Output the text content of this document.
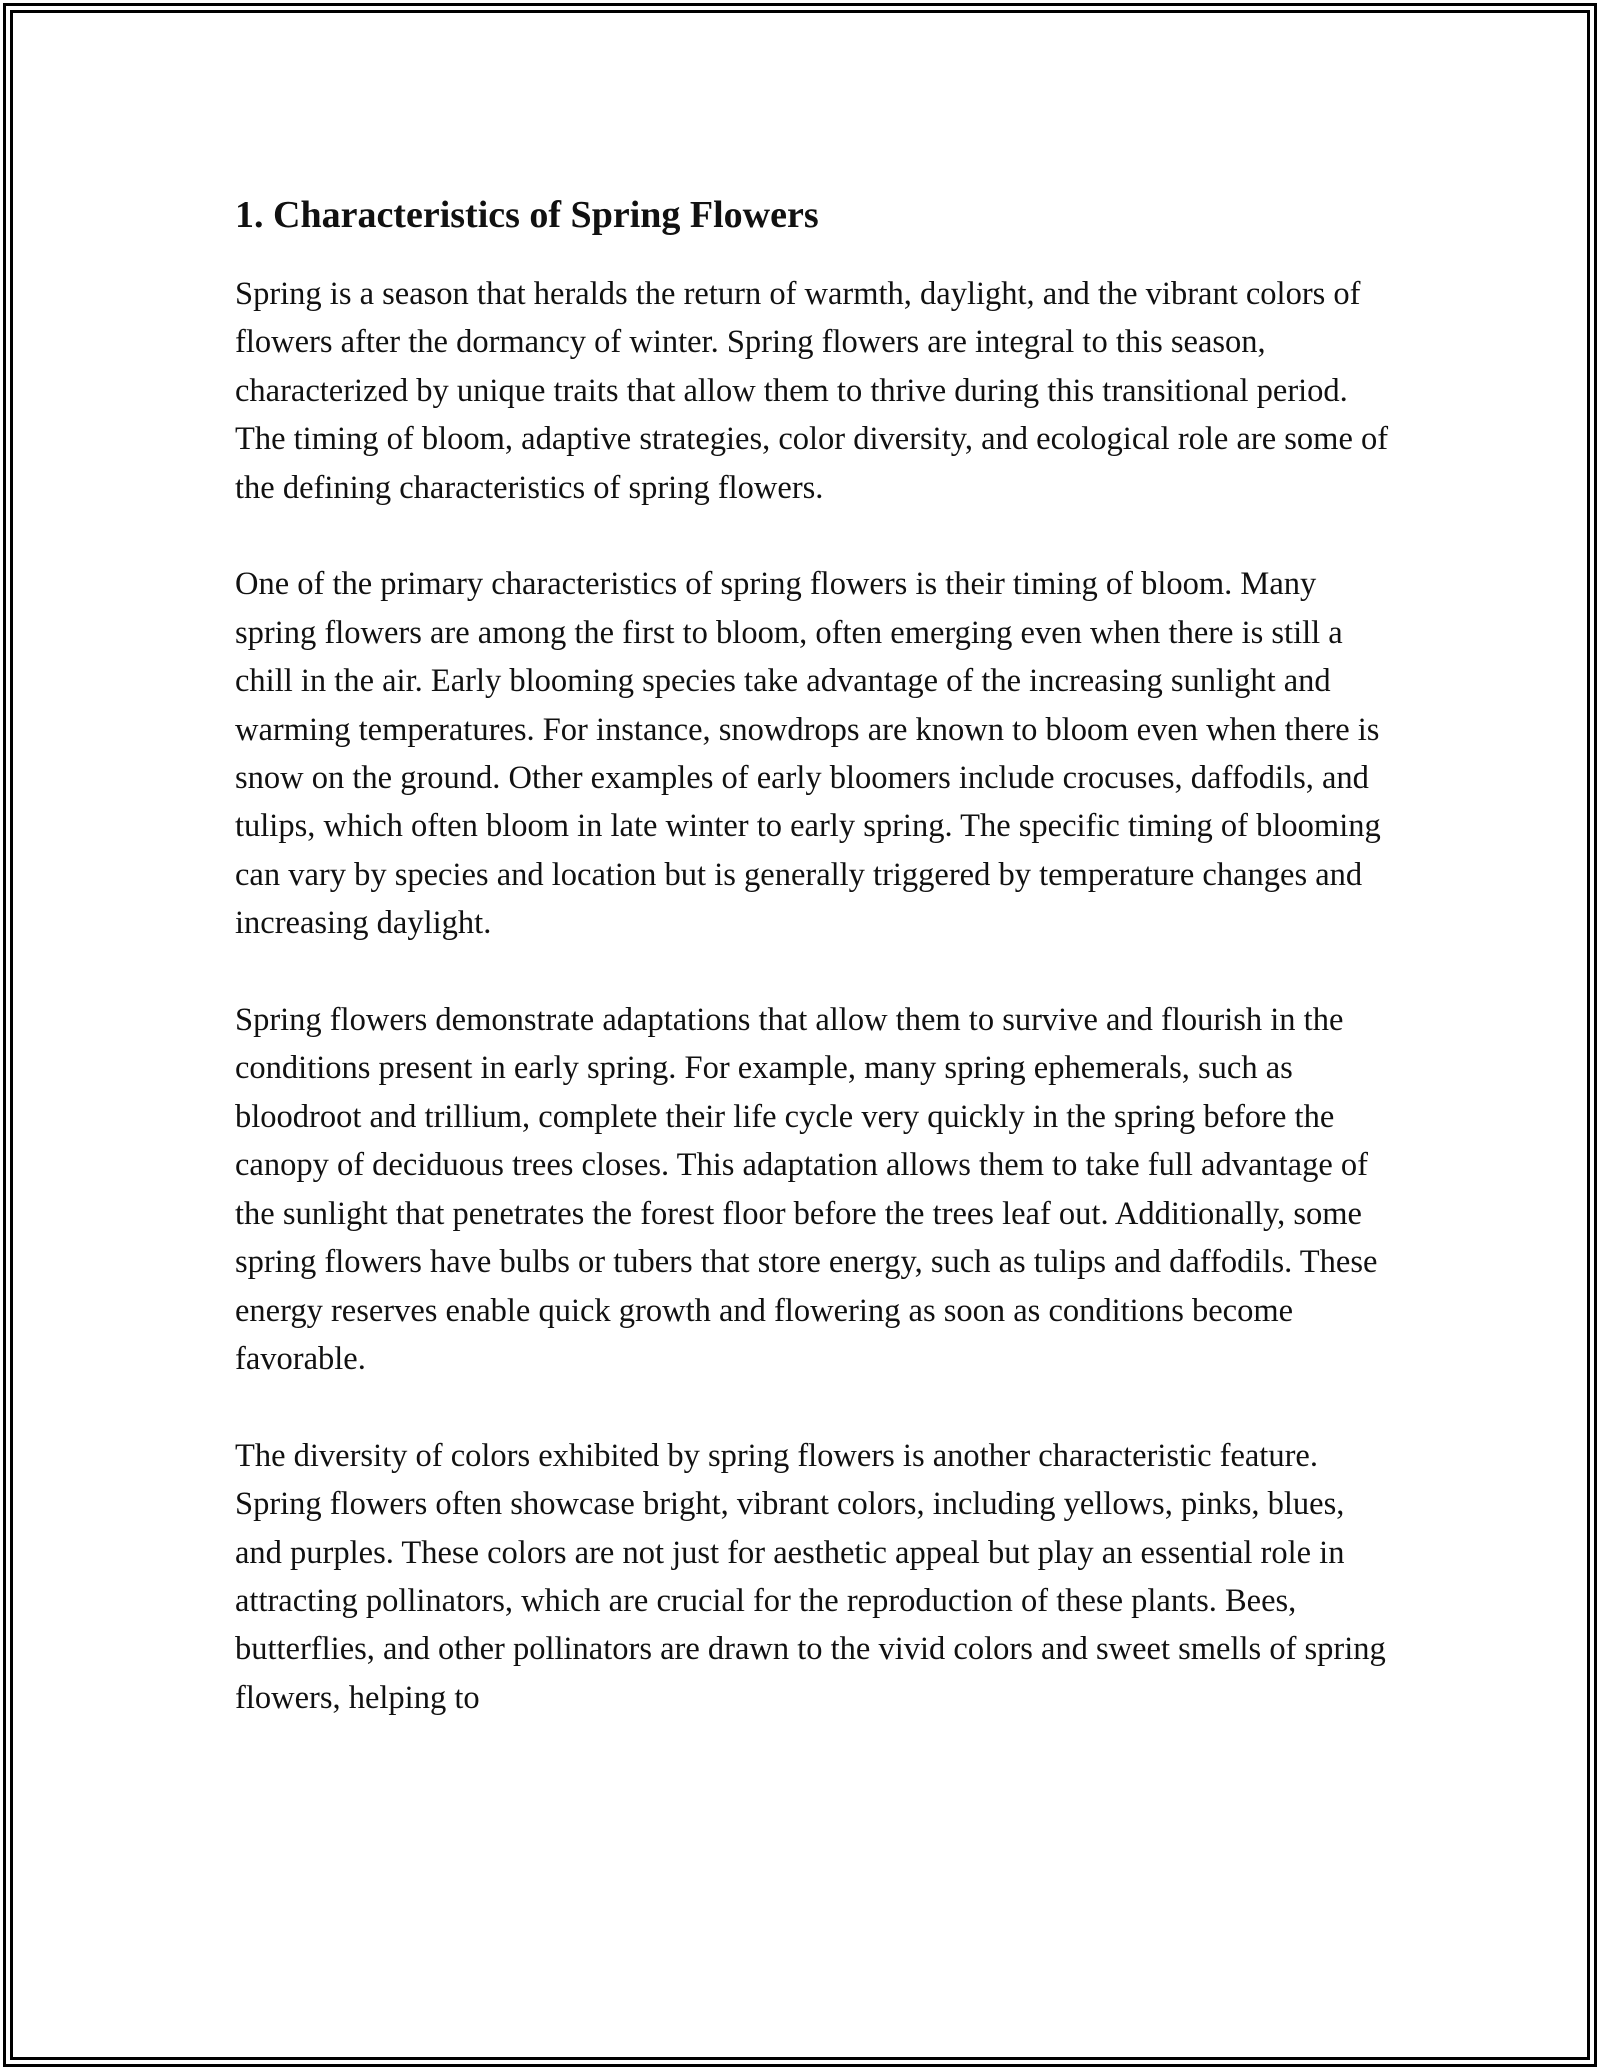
1. Characteristics of Spring Flowers

Spring is a season that heralds the return of warmth, daylight, and the vibrant colors of flowers after the dormancy of winter. Spring flowers are integral to this season, characterized by unique traits that allow them to thrive during this transitional period. The timing of bloom, adaptive strategies, color diversity, and ecological role are some of the defining characteristics of spring flowers.

One of the primary characteristics of spring flowers is their timing of bloom. Many spring flowers are among the first to bloom, often emerging even when there is still a chill in the air. Early blooming species take advantage of the increasing sunlight and warming temperatures. For instance, snowdrops are known to bloom even when there is snow on the ground. Other examples of early bloomers include crocuses, daffodils, and tulips, which often bloom in late winter to early spring. The specific timing of blooming can vary by species and location but is generally triggered by temperature changes and increasing daylight.

Spring flowers demonstrate adaptations that allow them to survive and flourish in the conditions present in early spring. For example, many spring ephemerals, such as bloodroot and trillium, complete their life cycle very quickly in the spring before the canopy of deciduous trees closes. This adaptation allows them to take full advantage of the sunlight that penetrates the forest floor before the trees leaf out. Additionally, some spring flowers have bulbs or tubers that store energy, such as tulips and daffodils. These energy reserves enable quick growth and flowering as soon as conditions become favorable.

The diversity of colors exhibited by spring flowers is another characteristic feature. Spring flowers often showcase bright, vibrant colors, including yellows, pinks, blues, and purples. These colors are not just for aesthetic appeal but play an essential role in attracting pollinators, which are crucial for the reproduction of these plants. Bees, butterflies, and other pollinators are drawn to the vivid colors and sweet smells of spring flowers, helping to
